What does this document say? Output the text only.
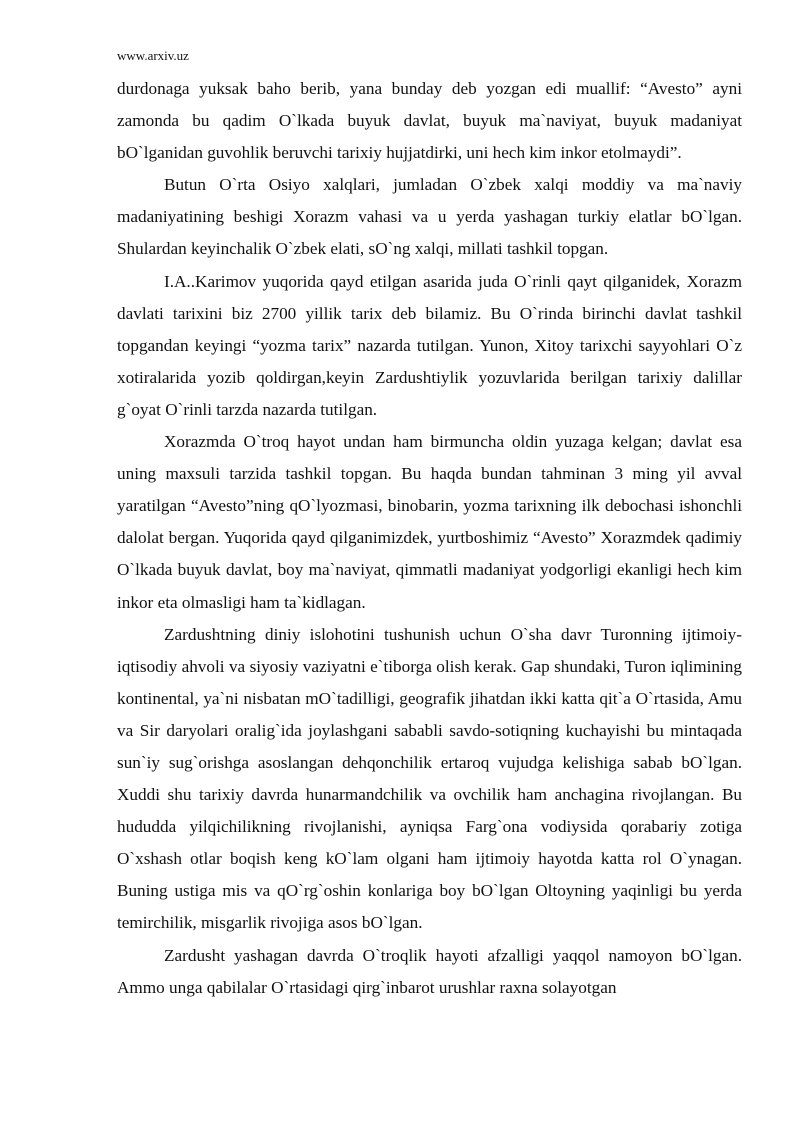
www.arxiv.uz

durdonaga yuksak baho berib, yana bunday deb yozgan edi muallif: “Avesto” ayni zamonda bu qadim O`lkada buyuk davlat, buyuk ma`naviyat, buyuk madaniyat bO`lganidan guvohlik beruvchi tarixiy hujjatdirki, uni hech kim inkor etolmaydi”.

Butun O`rta Osiyo xalqlari, jumladan O`zbek xalqi moddiy va ma`naviy madaniyatining beshigi Xorazm vahasi va u yerda yashagan turkiy elatlar bO`lgan. Shulardan keyinchalik O`zbek elati, sO`ng xalqi, millati tashkil topgan.

I.A..Karimov yuqorida qayd etilgan asarida juda O`rinli qayt qilganidek, Xorazm davlati tarixini biz 2700 yillik tarix deb bilamiz. Bu O`rinda birinchi davlat tashkil topgandan keyingi “yozma tarix” nazarda tutilgan. Yunon, Xitoy tarixchi sayyohlari O`z xotiralarida yozib qoldirgan,keyin Zardushtiylik yozuvlarida berilgan tarixiy dalillar g`oyat O`rinli tarzda nazarda tutilgan.

Xorazmda O`troq hayot undan ham birmuncha oldin yuzaga kelgan; davlat esa uning maxsuli tarzida tashkil topgan. Bu haqda bundan tahminan 3 ming yil avval yaratilgan “Avesto”ning qO`lyozmasi, binobarin, yozma tarixning ilk debochasi ishonchli dalolat bergan. Yuqorida qayd qilganimizdek, yurtboshimiz “Avesto” Xorazmdek qadimiy O`lkada buyuk davlat, boy ma`naviyat, qimmatli madaniyat yodgorligi ekanligi hech kim inkor eta olmasligi ham ta`kidlagan.

Zardushtning diniy islohotini tushunish uchun O`sha davr Turonning ijtimoiy-iqtisodiy ahvoli va siyosiy vaziyatni e`tiborga olish kerak. Gap shundaki, Turon iqlimining kontinental, ya`ni nisbatan mO`tadilligi, geografik jihatdan ikki katta qit`a O`rtasida, Amu va Sir daryolari oralig`ida joylashgani sababli savdo-sotiqning kuchayishi bu mintaqada sun`iy sug`orishga asoslangan dehqonchilik ertaroq vujudga kelishiga sabab bO`lgan. Xuddi shu tarixiy davrda hunarmandchilik va ovchilik ham anchagina rivojlangan. Bu hududda yilqichilikning rivojlanishi, ayniqsa Farg`ona vodiysida qorabariy zotiga O`xshash otlar boqish keng kO`lam olgani ham ijtimoiy hayotda katta rol O`ynagan. Buning ustiga mis va qO`rg`oshin konlariga boy bO`lgan Oltoyning yaqinligi bu yerda temirchilik, misgarlik rivojiga asos bO`lgan.

Zardusht yashagan davrda O`troqlik hayoti afzalligi yaqqol namoyon bO`lgan. Ammo unga qabilalar O`rtasidagi qirg`inbarot urushlar raxna solayotgan
